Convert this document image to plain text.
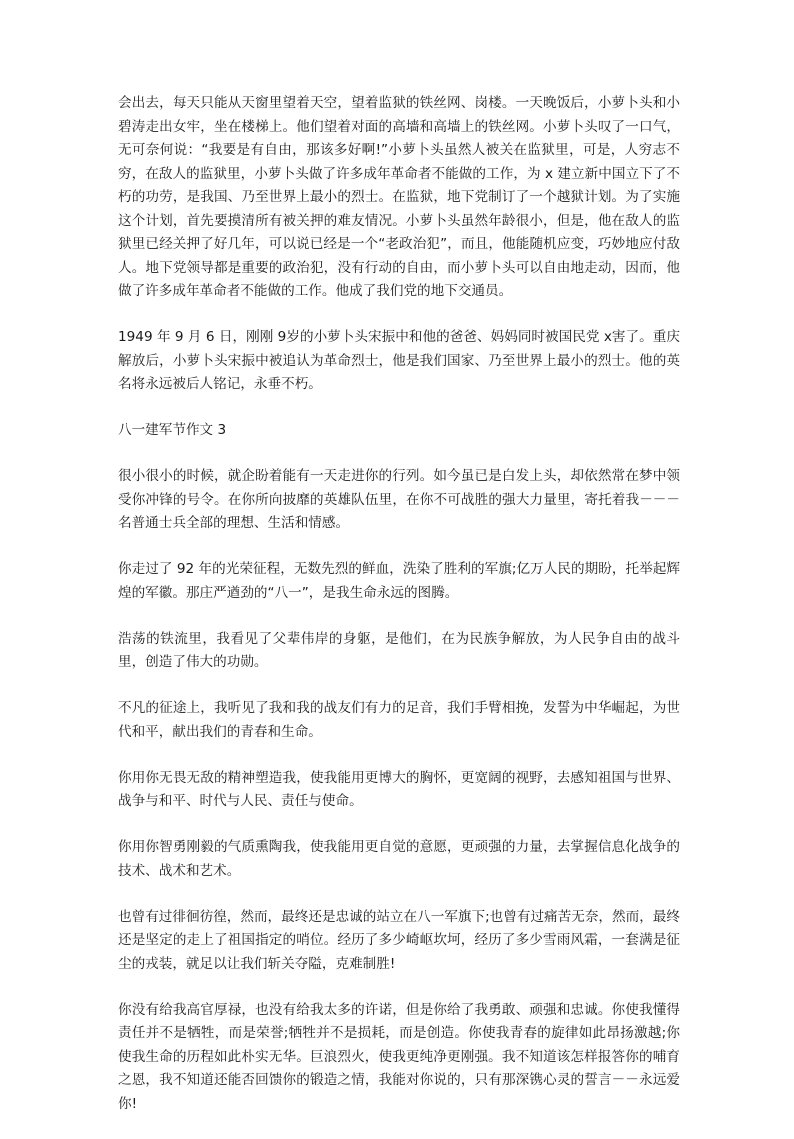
会出去，每天只能从天窗里望着天空，望着监狱的铁丝网、岗楼。一天晚饭后，小萝卜头和小碧涛走出女牢，坐在楼梯上。他们望着对面的高墙和高墙上的铁丝网。小萝卜头叹了一口气，无可奈何说：“我要是有自由，那该多好啊!”小萝卜头虽然人被关在监狱里，可是，人穷志不穷，在敌人的监狱里，小萝卜头做了许多成年革命者不能做的工作，为 x 建立新中国立下了不朽的功劳，是我国、乃至世界上最小的烈士。在监狱，地下党制订了一个越狱计划。为了实施这个计划，首先要摸清所有被关押的难友情况。小萝卜头虽然年龄很小，但是，他在敌人的监狱里已经关押了好几年，可以说已经是一个“老政治犯”，而且，他能随机应变，巧妙地应付敌人。地下党领导都是重要的政治犯，没有行动的自由，而小萝卜头可以自由地走动，因而，他做了许多成年革命者不能做的工作。他成了我们党的地下交通员。

1949 年 9 月 6 日，刚刚 9岁的小萝卜头宋振中和他的爸爸、妈妈同时被国民党 x害了。重庆解放后，小萝卜头宋振中被追认为革命烈士，他是我们国家、乃至世界上最小的烈士。他的英名将永远被后人铭记，永垂不朽。

八一建军节作文 3

很小很小的时候，就企盼着能有一天走进你的行列。如今虽已是白发上头，却依然常在梦中领受你冲锋的号令。在你所向披靡的英雄队伍里，在你不可战胜的强大力量里，寄托着我－－－名普通士兵全部的理想、生活和情感。

你走过了 92 年的光荣征程，无数先烈的鲜血，洗染了胜利的军旗;亿万人民的期盼，托举起辉煌的军徽。那庄严遒劲的“八一”，是我生命永远的图腾。

浩荡的铁流里，我看见了父辈伟岸的身躯，是他们，在为民族争解放，为人民争自由的战斗里，创造了伟大的功勋。

不凡的征途上，我听见了我和我的战友们有力的足音，我们手臂相挽，发誓为中华崛起，为世代和平，献出我们的青春和生命。

你用你无畏无敌的精神塑造我，使我能用更博大的胸怀，更宽阔的视野，去感知祖国与世界、战争与和平、时代与人民、责任与使命。

你用你智勇刚毅的气质熏陶我，使我能用更自觉的意愿，更顽强的力量，去掌握信息化战争的技术、战术和艺术。

也曾有过徘徊彷徨，然而，最终还是忠诚的站立在八一军旗下;也曾有过痛苦无奈，然而，最终还是坚定的走上了祖国指定的哨位。经历了多少崎岖坎坷，经历了多少雪雨风霜，一套满是征尘的戎装，就足以让我们斩关夺隘，克难制胜!

你没有给我高官厚禄，也没有给我太多的许诺，但是你给了我勇敢、顽强和忠诚。你使我懂得责任并不是牺牲，而是荣誉;牺牲并不是损耗，而是创造。你使我青春的旋律如此昂扬激越;你使我生命的历程如此朴实无华。巨浪烈火，使我更纯净更刚强。我不知道该怎样报答你的哺育之恩，我不知道还能否回馈你的锻造之情，我能对你说的，只有那深镌心灵的誓言－－永远爱你!
